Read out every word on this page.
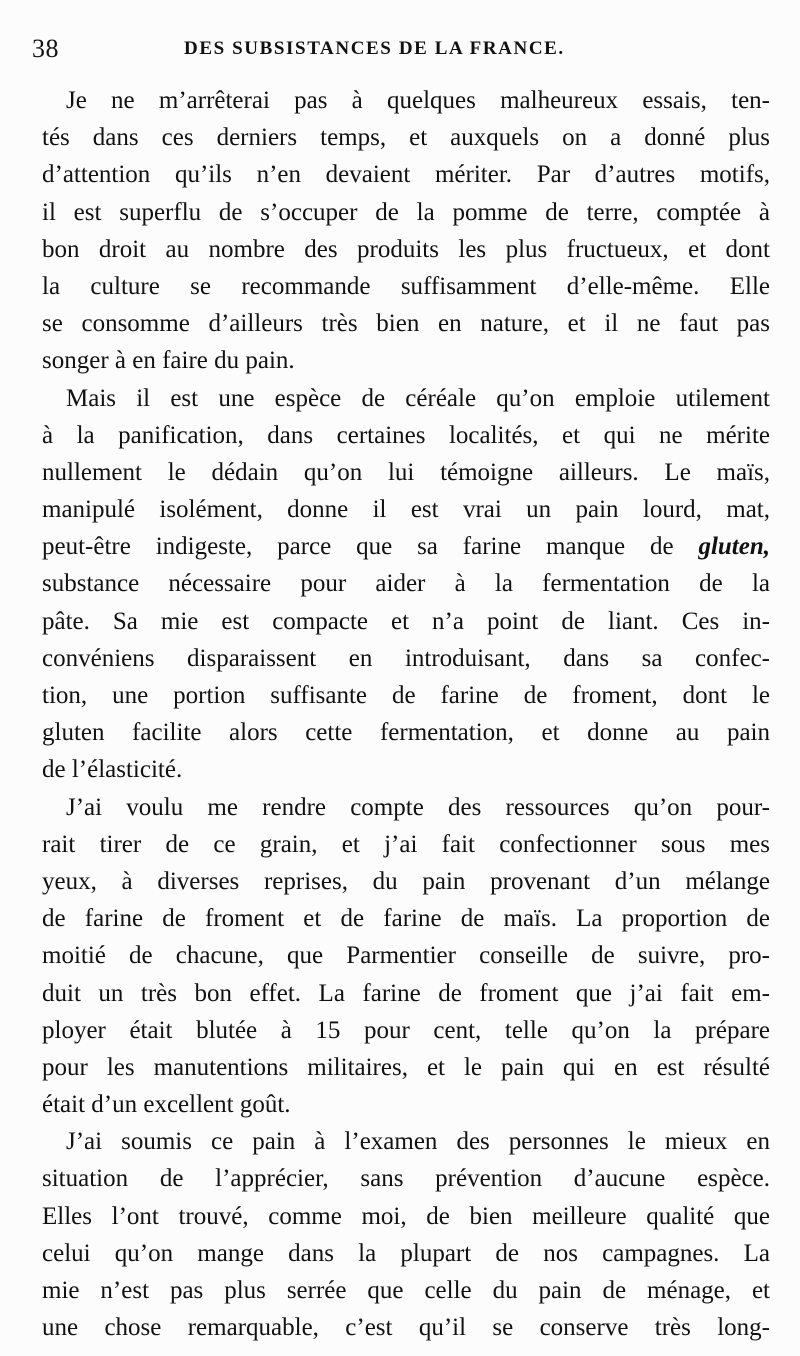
38	DES SUBSISTANCES DE LA FRANCE.
Je ne m’arrêterai pas à quelques malheureux essais, ten-
tés dans ces derniers temps, et auxquels on a donné plus
d’attention qu’ils n’en devaient mériter. Par d’autres motifs,
il est superflu de s’occuper de la pomme de terre, comptée à
bon droit au nombre des produits les plus fructueux, et dont
la culture se recommande suffisamment d’elle-même. Elle
se consomme d’ailleurs très bien en nature, et il ne faut pas
songer à en faire du pain.
Mais il est une espèce de céréale qu’on emploie utilement
à la panification, dans certaines localités, et qui ne mérite
nullement le dédain qu’on lui témoigne ailleurs. Le maïs,
manipulé isolément, donne il est vrai un pain lourd, mat,
peut-être indigeste, parce que sa farine manque de gluten,
substance nécessaire pour aider à la fermentation de la
pâte. Sa mie est compacte et n’a point de liant. Ces in-
convéniens disparaissent en introduisant, dans sa confec-
tion, une portion suffisante de farine de froment, dont le
gluten facilite alors cette fermentation, et donne au pain
de l’élasticité.
J’ai voulu me rendre compte des ressources qu’on pour-
rait tirer de ce grain, et j’ai fait confectionner sous mes
yeux, à diverses reprises, du pain provenant d’un mélange
de farine de froment et de farine de maïs. La proportion de
moitié de chacune, que Parmentier conseille de suivre, pro-
duit un très bon effet. La farine de froment que j’ai fait em-
ployer était blutée à 15 pour cent, telle qu’on la prépare
pour les manutentions militaires, et le pain qui en est résulté
était d’un excellent goût.
J’ai soumis ce pain à l’examen des personnes le mieux en
situation de l’apprécier, sans prévention d’aucune espèce.
Elles l’ont trouvé, comme moi, de bien meilleure qualité que
celui qu’on mange dans la plupart de nos campagnes. La
mie n’est pas plus serrée que celle du pain de ménage, et
une chose remarquable, c’est qu’il se conserve très long-
